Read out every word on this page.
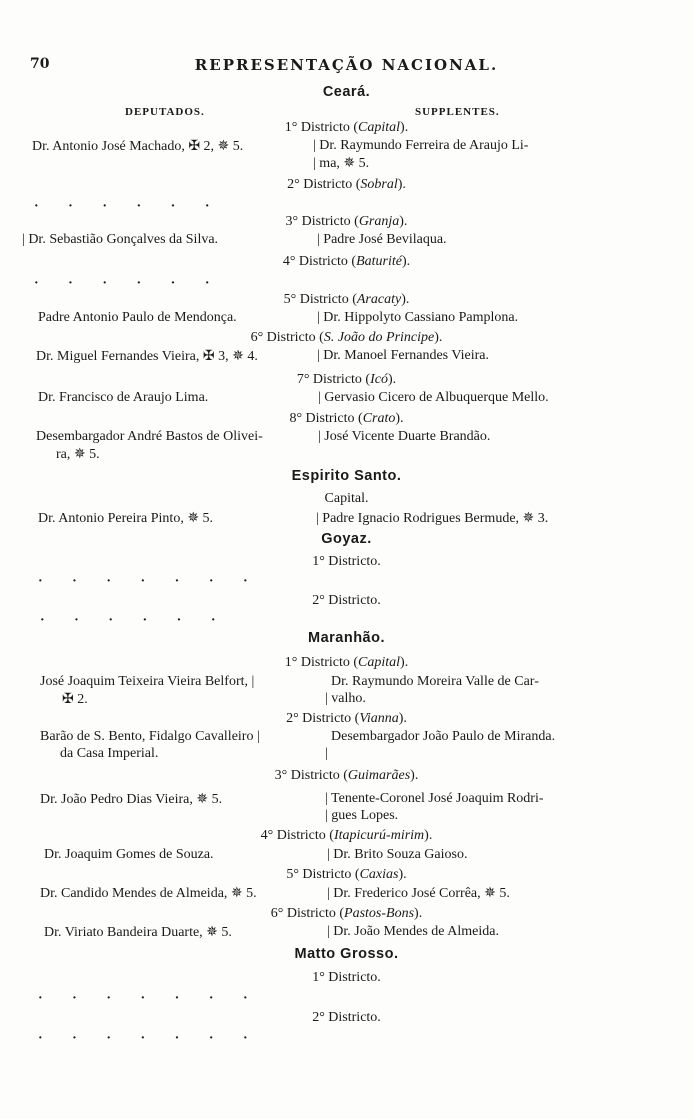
70	REPRESENTAÇÃO NACIONAL.
Ceará.
DEPUTADOS.	SUPPLENTES.
1° Districto (Capital).
Dr. Antonio José Machado, ✠ 2, ✵ 5.	| Dr. Raymundo Ferreira de Araujo Li-
| ma, ✵ 5.
2° Districto (Sobral).
· · · · · ·
3° Districto (Granja).
| Dr. Sebastião Gonçalves da Silva.	| Padre José Bevilaqua.
4° Districto (Baturité).
· · · · · ·
5° Districto (Aracaty).
Padre Antonio Paulo de Mendonça.	| Dr. Hippolyto Cassiano Pamplona.
6° Districto (S. João do Principe).
Dr. Miguel Fernandes Vieira, ✠ 3, ✵ 4.	| Dr. Manoel Fernandes Vieira.
7° Districto (Icó).
Dr. Francisco de Araujo Lima.	| Gervasio Cicero de Albuquerque Mello.
8° Districto (Crato).
Desembargador André Bastos de Olivei-	| José Vicente Duarte Brandão.
ra, ✵ 5.
Espirito Santo.
Capital.
Dr. Antonio Pereira Pinto, ✵ 5.	| Padre Ignacio Rodrigues Bermude, ✵ 3.
Goyaz.
1° Districto.
· · · · · · ·
2° Districto.
· · · · · ·
Maranhão.
1° Districto (Capital).
José Joaquim Teixeira Vieira Belfort, |	Dr. Raymundo Moreira Valle de Car-
✠ 2.	| valho.
2° Districto (Vianna).
Barão de S. Bento, Fidalgo Cavalleiro |	Desembargador João Paulo de Miranda.
da Casa Imperial.	|
3° Districto (Guimarães).
Dr. João Pedro Dias Vieira, ✵ 5.	| Tenente-Coronel José Joaquim Rodri-
| gues Lopes.
4° Districto (Itapicurú-mirim).
Dr. Joaquim Gomes de Souza.	| Dr. Brito Souza Gaioso.
5° Districto (Caxias).
Dr. Candido Mendes de Almeida, ✵ 5.	| Dr. Frederico José Corrêa, ✵ 5.
6° Districto (Pastos-Bons).
Dr. Viriato Bandeira Duarte, ✵ 5.	| Dr. João Mendes de Almeida.
Matto Grosso.
1° Districto.
· · · · · · ·
2° Districto.
· · · · · · ·
